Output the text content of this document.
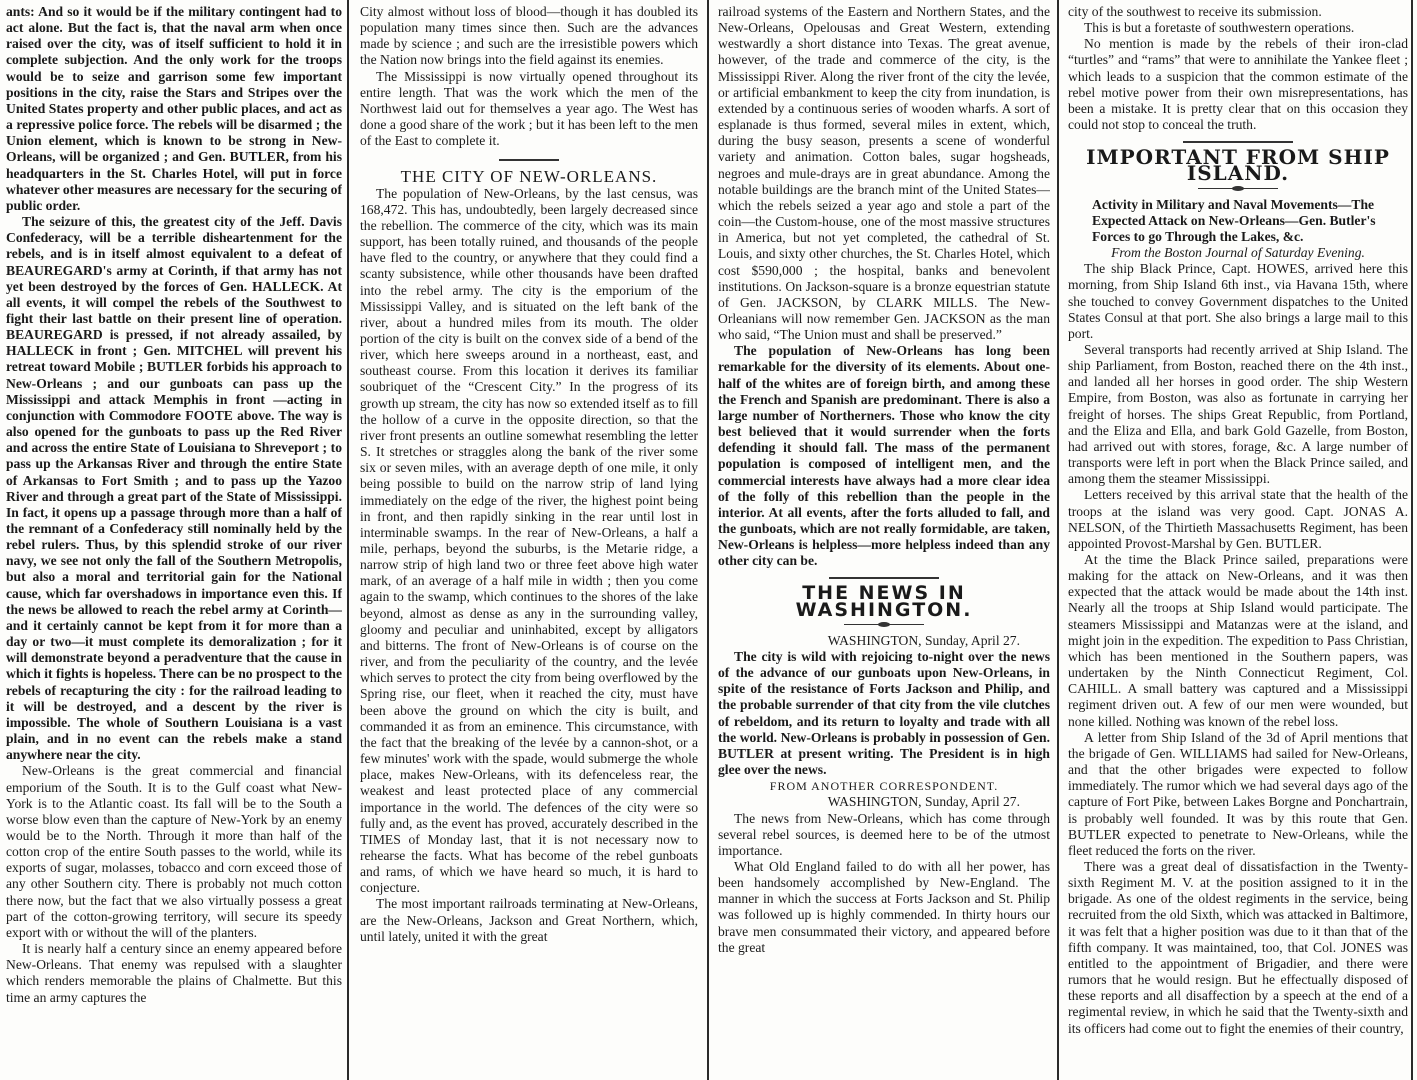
ants: And so it would be if the military contingent had to act alone. But the fact is, that the naval arm when once raised over the city, was of itself sufficient to hold it in complete subjection. And the only work for the troops would be to seize and garrison some few important positions in the city, raise the Stars and Stripes over the United States property and other public places, and act as a repressive police force. The rebels will be disarmed ; the Union element, which is known to be strong in New-Orleans, will be organized ; and Gen. BUTLER, from his headquarters in the St. Charles Hotel, will put in force whatever other measures are necessary for the securing of public order.

The seizure of this, the greatest city of the Jeff. Davis Confederacy, will be a terrible disheartenment for the rebels, and is in itself almost equivalent to a defeat of BEAUREGARD's army at Corinth, if that army has not yet been destroyed by the forces of Gen. HALLECK. At all events, it will compel the rebels of the Southwest to fight their last battle on their present line of operation. BEAUREGARD is pressed, if not already assailed, by HALLECK in front ; Gen. MITCHEL will prevent his retreat toward Mobile ; BUTLER forbids his approach to New-Orleans ; and our gunboats can pass up the Mississippi and attack Memphis in front —acting in conjunction with Commodore FOOTE above. The way is also opened for the gunboats to pass up the Red River and across the entire State of Louisiana to Shreveport ; to pass up the Arkansas River and through the entire State of Arkansas to Fort Smith ; and to pass up the Yazoo River and through a great part of the State of Mississippi. In fact, it opens up a passage through more than a half of the remnant of a Confederacy still nominally held by the rebel rulers. Thus, by this splendid stroke of our river navy, we see not only the fall of the Southern Metropolis, but also a moral and territorial gain for the National cause, which far overshadows in importance even this. If the news be allowed to reach the rebel army at Corinth—and it certainly cannot be kept from it for more than a day or two—it must complete its demoralization ; for it will demonstrate beyond a peradventure that the cause in which it fights is hopeless. There can be no prospect to the rebels of recapturing the city : for the railroad leading to it will be destroyed, and a descent by the river is impossible. The whole of Southern Louisiana is a vast plain, and in no event can the rebels make a stand anywhere near the city.

New-Orleans is the great commercial and financial emporium of the South. It is to the Gulf coast what New-York is to the Atlantic coast. Its fall will be to the South a worse blow even than the capture of New-York by an enemy would be to the North. Through it more than half of the cotton crop of the entire South passes to the world, while its exports of sugar, molasses, tobacco and corn exceed those of any other Southern city. There is probably not much cotton there now, but the fact that we also virtually possess a great part of the cotton-growing territory, will secure its speedy export with or without the will of the planters.

It is nearly half a century since an enemy appeared before New-Orleans. That enemy was repulsed with a slaughter which renders memorable the plains of Chalmette. But this time an army captures the

City almost without loss of blood—though it has doubled its population many times since then. Such are the advances made by science ; and such are the irresistible powers which the Nation now brings into the field against its enemies.

The Mississippi is now virtually opened throughout its entire length. That was the work which the men of the Northwest laid out for themselves a year ago. The West has done a good share of the work ; but it has been left to the men of the East to complete it.

THE CITY OF NEW-ORLEANS.

The population of New-Orleans, by the last census, was 168,472. This has, undoubtedly, been largely decreased since the rebellion. The commerce of the city, which was its main support, has been totally ruined, and thousands of the people have fled to the country, or anywhere that they could find a scanty subsistence, while other thousands have been drafted into the rebel army. The city is the emporium of the Mississippi Valley, and is situated on the left bank of the river, about a hundred miles from its mouth. The older portion of the city is built on the convex side of a bend of the river, which here sweeps around in a northeast, east, and southeast course. From this location it derives its familiar soubriquet of the “Crescent City.” In the progress of its growth up stream, the city has now so extended itself as to fill the hollow of a curve in the opposite direction, so that the river front presents an outline somewhat resembling the letter S. It stretches or straggles along the bank of the river some six or seven miles, with an average depth of one mile, it only being possible to build on the narrow strip of land lying immediately on the edge of the river, the highest point being in front, and then rapidly sinking in the rear until lost in interminable swamps. In the rear of New-Orleans, a half a mile, perhaps, beyond the suburbs, is the Metarie ridge, a narrow strip of high land two or three feet above high water mark, of an average of a half mile in width ; then you come again to the swamp, which continues to the shores of the lake beyond, almost as dense as any in the surrounding valley, gloomy and peculiar and uninhabited, except by alligators and bitterns. The front of New-Orleans is of course on the river, and from the peculiarity of the country, and the levée which serves to protect the city from being overflowed by the Spring rise, our fleet, when it reached the city, must have been above the ground on which the city is built, and commanded it as from an eminence. This circumstance, with the fact that the breaking of the levée by a cannon-shot, or a few minutes' work with the spade, would submerge the whole place, makes New-Orleans, with its defenceless rear, the weakest and least protected place of any commercial importance in the world. The defences of the city were so fully and, as the event has proved, accurately described in the TIMES of Monday last, that it is not necessary now to rehearse the facts. What has become of the rebel gunboats and rams, of which we have heard so much, it is hard to conjecture.

The most important railroads terminating at New-Orleans, are the New-Orleans, Jackson and Great Northern, which, until lately, united it with the great

railroad systems of the Eastern and Northern States, and the New-Orleans, Opelousas and Great Western, extending westwardly a short distance into Texas. The great avenue, however, of the trade and commerce of the city, is the Mississippi River. Along the river front of the city the levée, or artificial embankment to keep the city from inundation, is extended by a continuous series of wooden wharfs. A sort of esplanade is thus formed, several miles in extent, which, during the busy season, presents a scene of wonderful variety and animation. Cotton bales, sugar hogsheads, negroes and mule-drays are in great abundance. Among the notable buildings are the branch mint of the United States—which the rebels seized a year ago and stole a part of the coin—the Custom-house, one of the most massive structures in America, but not yet completed, the cathedral of St. Louis, and sixty other churches, the St. Charles Hotel, which cost $590,000 ; the hospital, banks and benevolent institutions. On Jackson-square is a bronze equestrian statute of Gen. JACKSON, by CLARK MILLS. The New-Orleanians will now remember Gen. JACKSON as the man who said, “The Union must and shall be preserved.”

The population of New-Orleans has long been remarkable for the diversity of its elements. About one-half of the whites are of foreign birth, and among these the French and Spanish are predominant. There is also a large number of Northerners. Those who know the city best believed that it would surrender when the forts defending it should fall. The mass of the permanent population is composed of intelligent men, and the commercial interests have always had a more clear idea of the folly of this rebellion than the people in the interior. At all events, after the forts alluded to fall, and the gunboats, which are not really formidable, are taken, New-Orleans is helpless—more helpless indeed than any other city can be.

THE NEWS IN WASHINGTON.

WASHINGTON, Sunday, April 27.

The city is wild with rejoicing to-night over the news of the advance of our gunboats upon New-Orleans, in spite of the resistance of Forts Jackson and Philip, and the probable surrender of that city from the vile clutches of rebeldom, and its return to loyalty and trade with all the world. New-Orleans is probably in possession of Gen. BUTLER at present writing. The President is in high glee over the news.

FROM ANOTHER CORRESPONDENT.

WASHINGTON, Sunday, April 27.

The news from New-Orleans, which has come through several rebel sources, is deemed here to be of the utmost importance.

What Old England failed to do with all her power, has been handsomely accomplished by New-England. The manner in which the success at Forts Jackson and St. Philip was followed up is highly commended. In thirty hours our brave men consummated their victory, and appeared before the great

city of the southwest to receive its submission.

This is but a foretaste of southwestern operations.

No mention is made by the rebels of their iron-clad “turtles” and “rams” that were to annihilate the Yankee fleet ; which leads to a suspicion that the common estimate of the rebel motive power from their own misrepresentations, has been a mistake. It is pretty clear that on this occasion they could not stop to conceal the truth.

IMPORTANT FROM SHIP ISLAND.

Activity in Military and Naval Movements—The Expected Attack on New-Orleans—Gen. Butler's Forces to go Through the Lakes, &c.

From the Boston Journal of Saturday Evening.

The ship Black Prince, Capt. HOWES, arrived here this morning, from Ship Island 6th inst., via Havana 15th, where she touched to convey Government dispatches to the United States Consul at that port. She also brings a large mail to this port.

Several transports had recently arrived at Ship Island. The ship Parliament, from Boston, reached there on the 4th inst., and landed all her horses in good order. The ship Western Empire, from Boston, was also as fortunate in carrying her freight of horses. The ships Great Republic, from Portland, and the Eliza and Ella, and bark Gold Gazelle, from Boston, had arrived out with stores, forage, &c. A large number of transports were left in port when the Black Prince sailed, and among them the steamer Mississippi.

Letters received by this arrival state that the health of the troops at the island was very good. Capt. JONAS A. NELSON, of the Thirtieth Massachusetts Regiment, has been appointed Provost-Marshal by Gen. BUTLER.

At the time the Black Prince sailed, preparations were making for the attack on New-Orleans, and it was then expected that the attack would be made about the 14th inst. Nearly all the troops at Ship Island would participate. The steamers Mississippi and Matanzas were at the island, and might join in the expedition. The expedition to Pass Christian, which has been mentioned in the Southern papers, was undertaken by the Ninth Connecticut Regiment, Col. CAHILL. A small battery was captured and a Mississippi regiment driven out. A few of our men were wounded, but none killed. Nothing was known of the rebel loss.

A letter from Ship Island of the 3d of April mentions that the brigade of Gen. WILLIAMS had sailed for New-Orleans, and that the other brigades were expected to follow immediately. The rumor which we had several days ago of the capture of Fort Pike, between Lakes Borgne and Ponchartrain, is probably well founded. It was by this route that Gen. BUTLER expected to penetrate to New-Orleans, while the fleet reduced the forts on the river.

There was a great deal of dissatisfaction in the Twenty-sixth Regiment M. V. at the position assigned to it in the brigade. As one of the oldest regiments in the service, being recruited from the old Sixth, which was attacked in Baltimore, it was felt that a higher position was due to it than that of the fifth company. It was maintained, too, that Col. JONES was entitled to the appointment of Brigadier, and there were rumors that he would resign. But he effectually disposed of these reports and all disaffection by a speech at the end of a regimental review, in which he said that the Twenty-sixth and its officers had come out to fight the enemies of their country,
